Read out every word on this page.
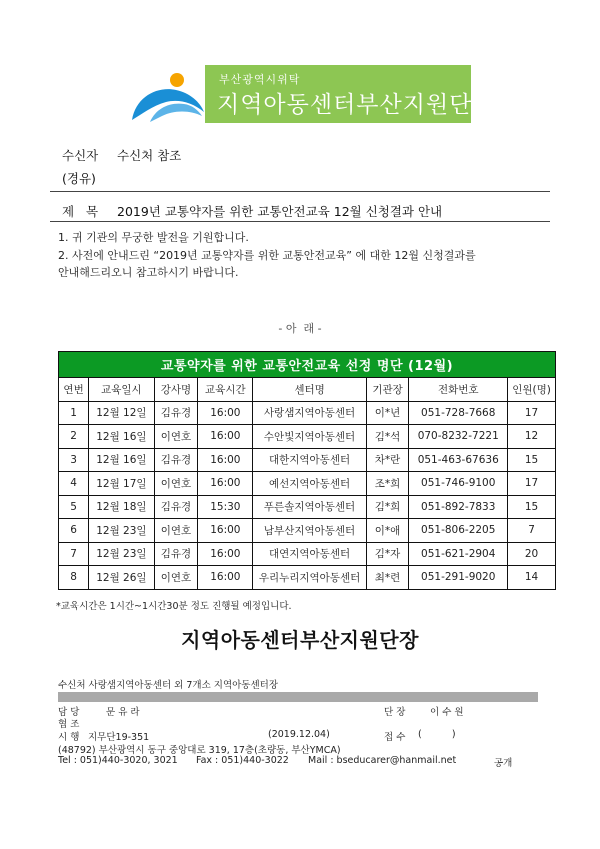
부산광역시위탁
지역아동센터부산지원단
수신자 수신처 참조
(경유)
제   목 2019년 교통약자를 위한 교통안전교육 12월 신청결과 안내
1. 귀 기관의 무궁한 발전을 기원합니다.
2. 사전에 안내드린 “2019년 교통약자를 위한 교통안전교육” 에 대한 12월 신청결과를
안내해드리오니 참고하시기 바랍니다.
- 아  래 -
교통약자를 위한 교통안전교육 선정 명단 (12월)							
연번	교육일시	강사명	교육시간	센터명	기관장	전화번호	인원(명)
1	12월 12일	김유경	16:00	사랑샘지역아동센터	이*년	051-728-7668	17
2	12월 16일	이연호	16:00	수안빛지역아동센터	김*석	070-8232-7221	12
3	12월 16일	김유경	16:00	대한지역아동센터	차*란	051-463-67636	15
4	12월 17일	이연호	16:00	예선지역아동센터	조*희	051-746-9100	17
5	12월 18일	김유경	15:30	푸른솔지역아동센터	김*희	051-892-7833	15
6	12월 23일	이연호	16:00	남부산지역아동센터	이*애	051-806-2205	7
7	12월 23일	김유경	16:00	대연지역아동센터	김*자	051-621-2904	20
8	12월 26일	이연호	16:00	우리누리지역아동센터	최*련	051-291-9020	14
*교육시간은 1시간~1시간30분 정도 진행될 예정입니다.
지역아동센터부산지원단장
수신처 사랑샘지역아동센터 외 7개소 지역아동센터장
담 당	문 유 라	단 장	이 수 원
협 조
시 행 지무단19-351	(2019.12.04)	접 수 (          )
(48792) 부산광역시 동구 중앙대로 319, 17층(초량동, 부산YMCA)
Tel : 051)440-3020, 3021 Fax : 051)440-3022 Mail : bseducarer@hanmail.net	공개
